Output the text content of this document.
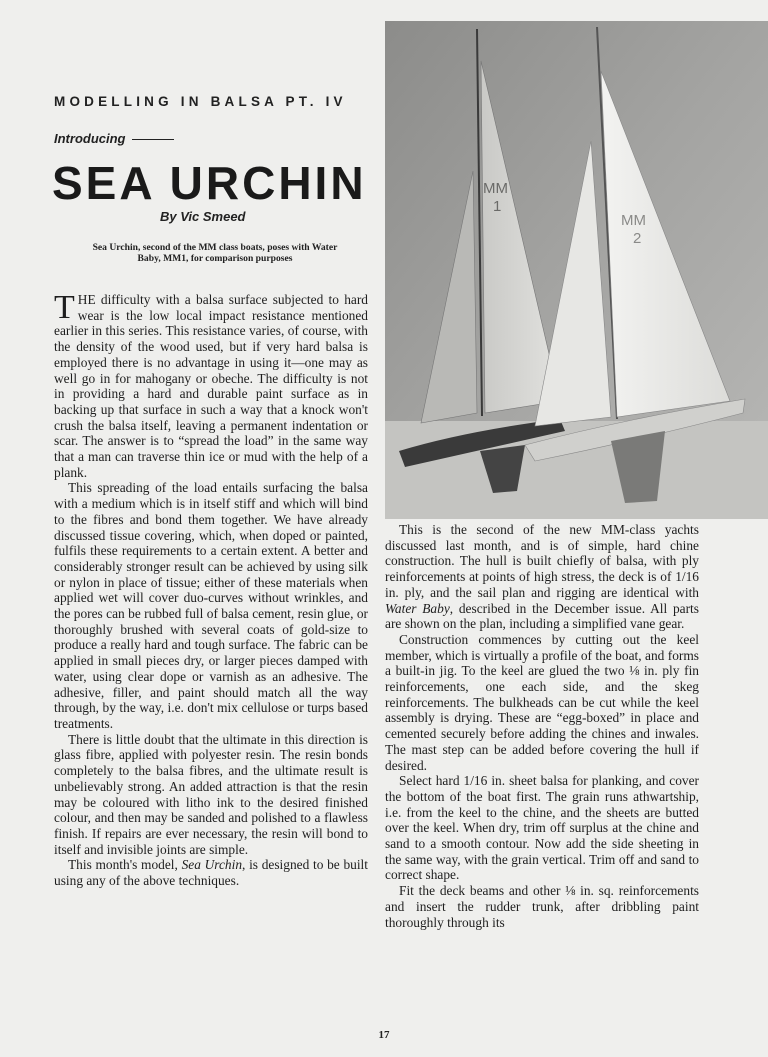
MODELLING IN BALSA PT. IV
Introducing
SEA URCHIN
By Vic Smeed
Sea Urchin, second of the MM class boats, poses with Water Baby, MM1, for comparison purposes

THE difficulty with a balsa surface subjected to hard wear is the low local impact resistance mentioned earlier in this series. This resistance varies, of course, with the density of the wood used, but if very hard balsa is employed there is no advantage in using it—one may as well go in for mahogany or obeche. The difficulty is not in providing a hard and durable paint surface as in backing up that surface in such a way that a knock won't crush the balsa itself, leaving a permanent indentation or scar. The answer is to “spread the load” in the same way that a man can traverse thin ice or mud with the help of a plank.

This spreading of the load entails surfacing the balsa with a medium which is in itself stiff and which will bind to the fibres and bond them together. We have already discussed tissue covering, which, when doped or painted, fulfils these requirements to a certain extent. A better and considerably stronger result can be achieved by using silk or nylon in place of tissue; either of these materials when applied wet will cover duo-curves without wrinkles, and the pores can be rubbed full of balsa cement, resin glue, or thoroughly brushed with several coats of gold-size to produce a really hard and tough surface. The fabric can be applied in small pieces dry, or larger pieces damped with water, using clear dope or varnish as an adhesive. The adhesive, filler, and paint should match all the way through, by the way, i.e. don't mix cellulose or turps based treatments.

There is little doubt that the ultimate in this direction is glass fibre, applied with polyester resin. The resin bonds completely to the balsa fibres, and the ultimate result is unbelievably strong. An added attraction is that the resin may be coloured with litho ink to the desired finished colour, and then may be sanded and polished to a flawless finish. If repairs are ever necessary, the resin will bond to itself and invisible joints are simple.

This month's model, Sea Urchin, is designed to be built using any of the above techniques.

MM
1
MM
2

This is the second of the new MM-class yachts discussed last month, and is of simple, hard chine construction. The hull is built chiefly of balsa, with ply reinforcements at points of high stress, the deck is of 1/16 in. ply, and the sail plan and rigging are identical with Water Baby, described in the December issue. All parts are shown on the plan, including a simplified vane gear.

Construction commences by cutting out the keel member, which is virtually a profile of the boat, and forms a built-in jig. To the keel are glued the two ⅛ in. ply fin reinforcements, one each side, and the skeg reinforcements. The bulkheads can be cut while the keel assembly is drying. These are “egg-boxed” in place and cemented securely before adding the chines and inwales. The mast step can be added before covering the hull if desired.

Select hard 1/16 in. sheet balsa for planking, and cover the bottom of the boat first. The grain runs athwartship, i.e. from the keel to the chine, and the sheets are butted over the keel. When dry, trim off surplus at the chine and sand to a smooth contour. Now add the side sheeting in the same way, with the grain vertical. Trim off and sand to correct shape.

Fit the deck beams and other ⅛ in. sq. reinforcements and insert the rudder trunk, after dribbling paint thoroughly through its

17
